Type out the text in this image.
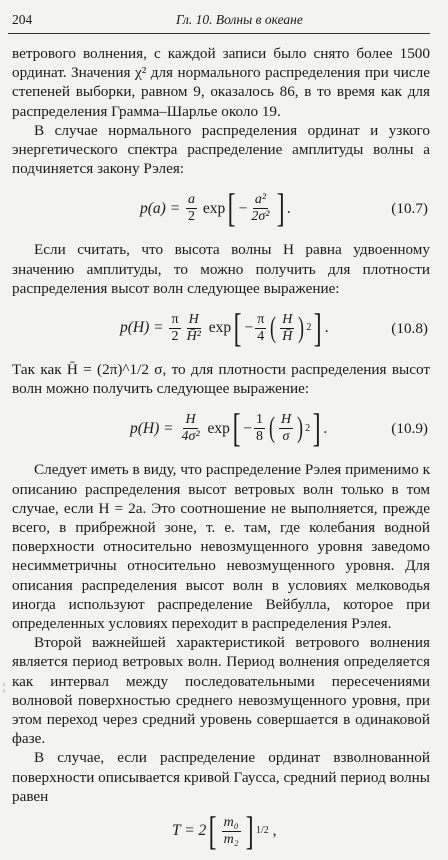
204	Гл. 10. Волны в океане
¦

ветрового волнения, с каждой записи было снято более 1500 ординат. Значения χ² для нормального распределения при числе степеней выборки, равном 9, оказалось 86, в то время как для распределения Грамма–Шарлье около 19.

В случае нормального распределения ординат и узкого энергетического спектра распределение амплитуды волны a подчиняется закону Рэлея:

p(a) =
$\frac{a}{2}$
exp [ − $\frac{\text{a²}}{\text{2σ²}}$ ] .	(10.7)

Если считать, что высота волны H равна удвоенному значению амплитуды, то можно получить для плотности распределения высот волн следующее выражение:

p(H) =
$\frac{\pi}{2} \frac{H}{\text{H̄²}}$
exp [ − $\frac{\pi}{4}$ ( $\frac{H}{H̄}$ ) 2 ] .	(10.8)

Так как H̄ = (2π)^1/2 σ, то для плотности распределения высот волн можно получить следующее выражение:

p(H) =
$\frac{H}{\text{4σ²}}$
exp [ − $\frac{1}{8}$ ( $\frac{H}{\sigma}$ ) 2 ] .	(10.9)

Следует иметь в виду, что распределение Рэлея применимо к описанию распределения высот ветровых волн только в том случае, если H = 2a. Это соотношение не выполняется, прежде всего, в прибрежной зоне, т. е. там, где колебания водной поверхности относительно невозмущенного уровня заведомо несимметричны относительно невозмущенного уровня. Для описания распределения высот волн в условиях мелководья иногда используют распределение Вейбулла, которое при определенных условиях переходит в распределения Рэлея.

Второй важнейшей характеристикой ветрового волнения является период ветровых волн. Период волнения определяется как интервал между последовательными пересечениями волновой поверхностью среднего невозмущенного уровня, при этом переход через средний уровень совершается в одинаковой фазе.

В случае, если распределение ординат взволнованной поверхности описывается кривой Гаусса, средний период волны равен

T = 2 [ $\frac{\text{m₀}}{\text{m₂}}$ ] 1/2
,
